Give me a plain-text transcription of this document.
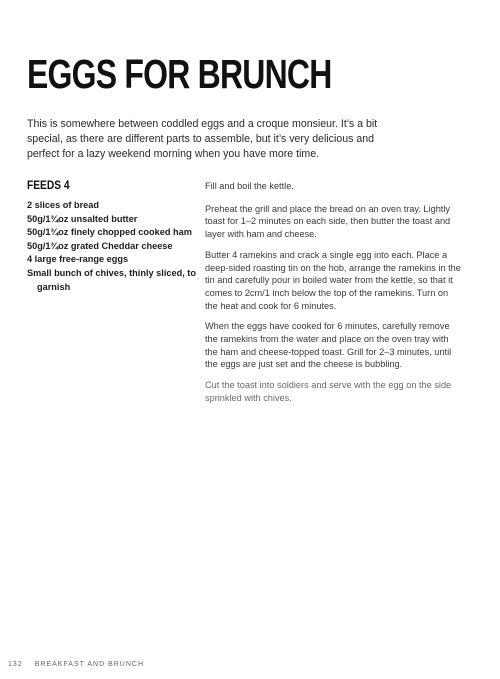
EGGS FOR BRUNCH

This is somewhere between coddled eggs and a croque monsieur. It’s a bit special, as there are different parts to assemble, but it’s very delicious and perfect for a lazy weekend morning when you have more time.

FEEDS 4
2 slices of bread
50g/1¾oz unsalted butter
50g/1¾oz finely chopped cooked ham
50g/1¾oz grated Cheddar cheese
4 large free-range eggs
Small bunch of chives, thinly sliced, to garnish

Fill and boil the kettle.

Preheat the grill and place the bread on an oven tray. Lightly toast for 1–2 minutes on each side, then butter the toast and layer with ham and cheese.

Butter 4 ramekins and crack a single egg into each. Place a deep-sided roasting tin on the hob, arrange the ramekins in the tin and carefully pour in boiled water from the kettle, so that it comes to 2cm/1 inch below the top of the ramekins. Turn on the heat and cook for 6 minutes.

When the eggs have cooked for 6 minutes, carefully remove the ramekins from the water and place on the oven tray with the ham and cheese-topped toast. Grill for 2–3 minutes, until the eggs are just set and the cheese is bubbling.

Cut the toast into soldiers and serve with the egg on the side sprinkled with chives.

132 BREAKFAST AND BRUNCH
